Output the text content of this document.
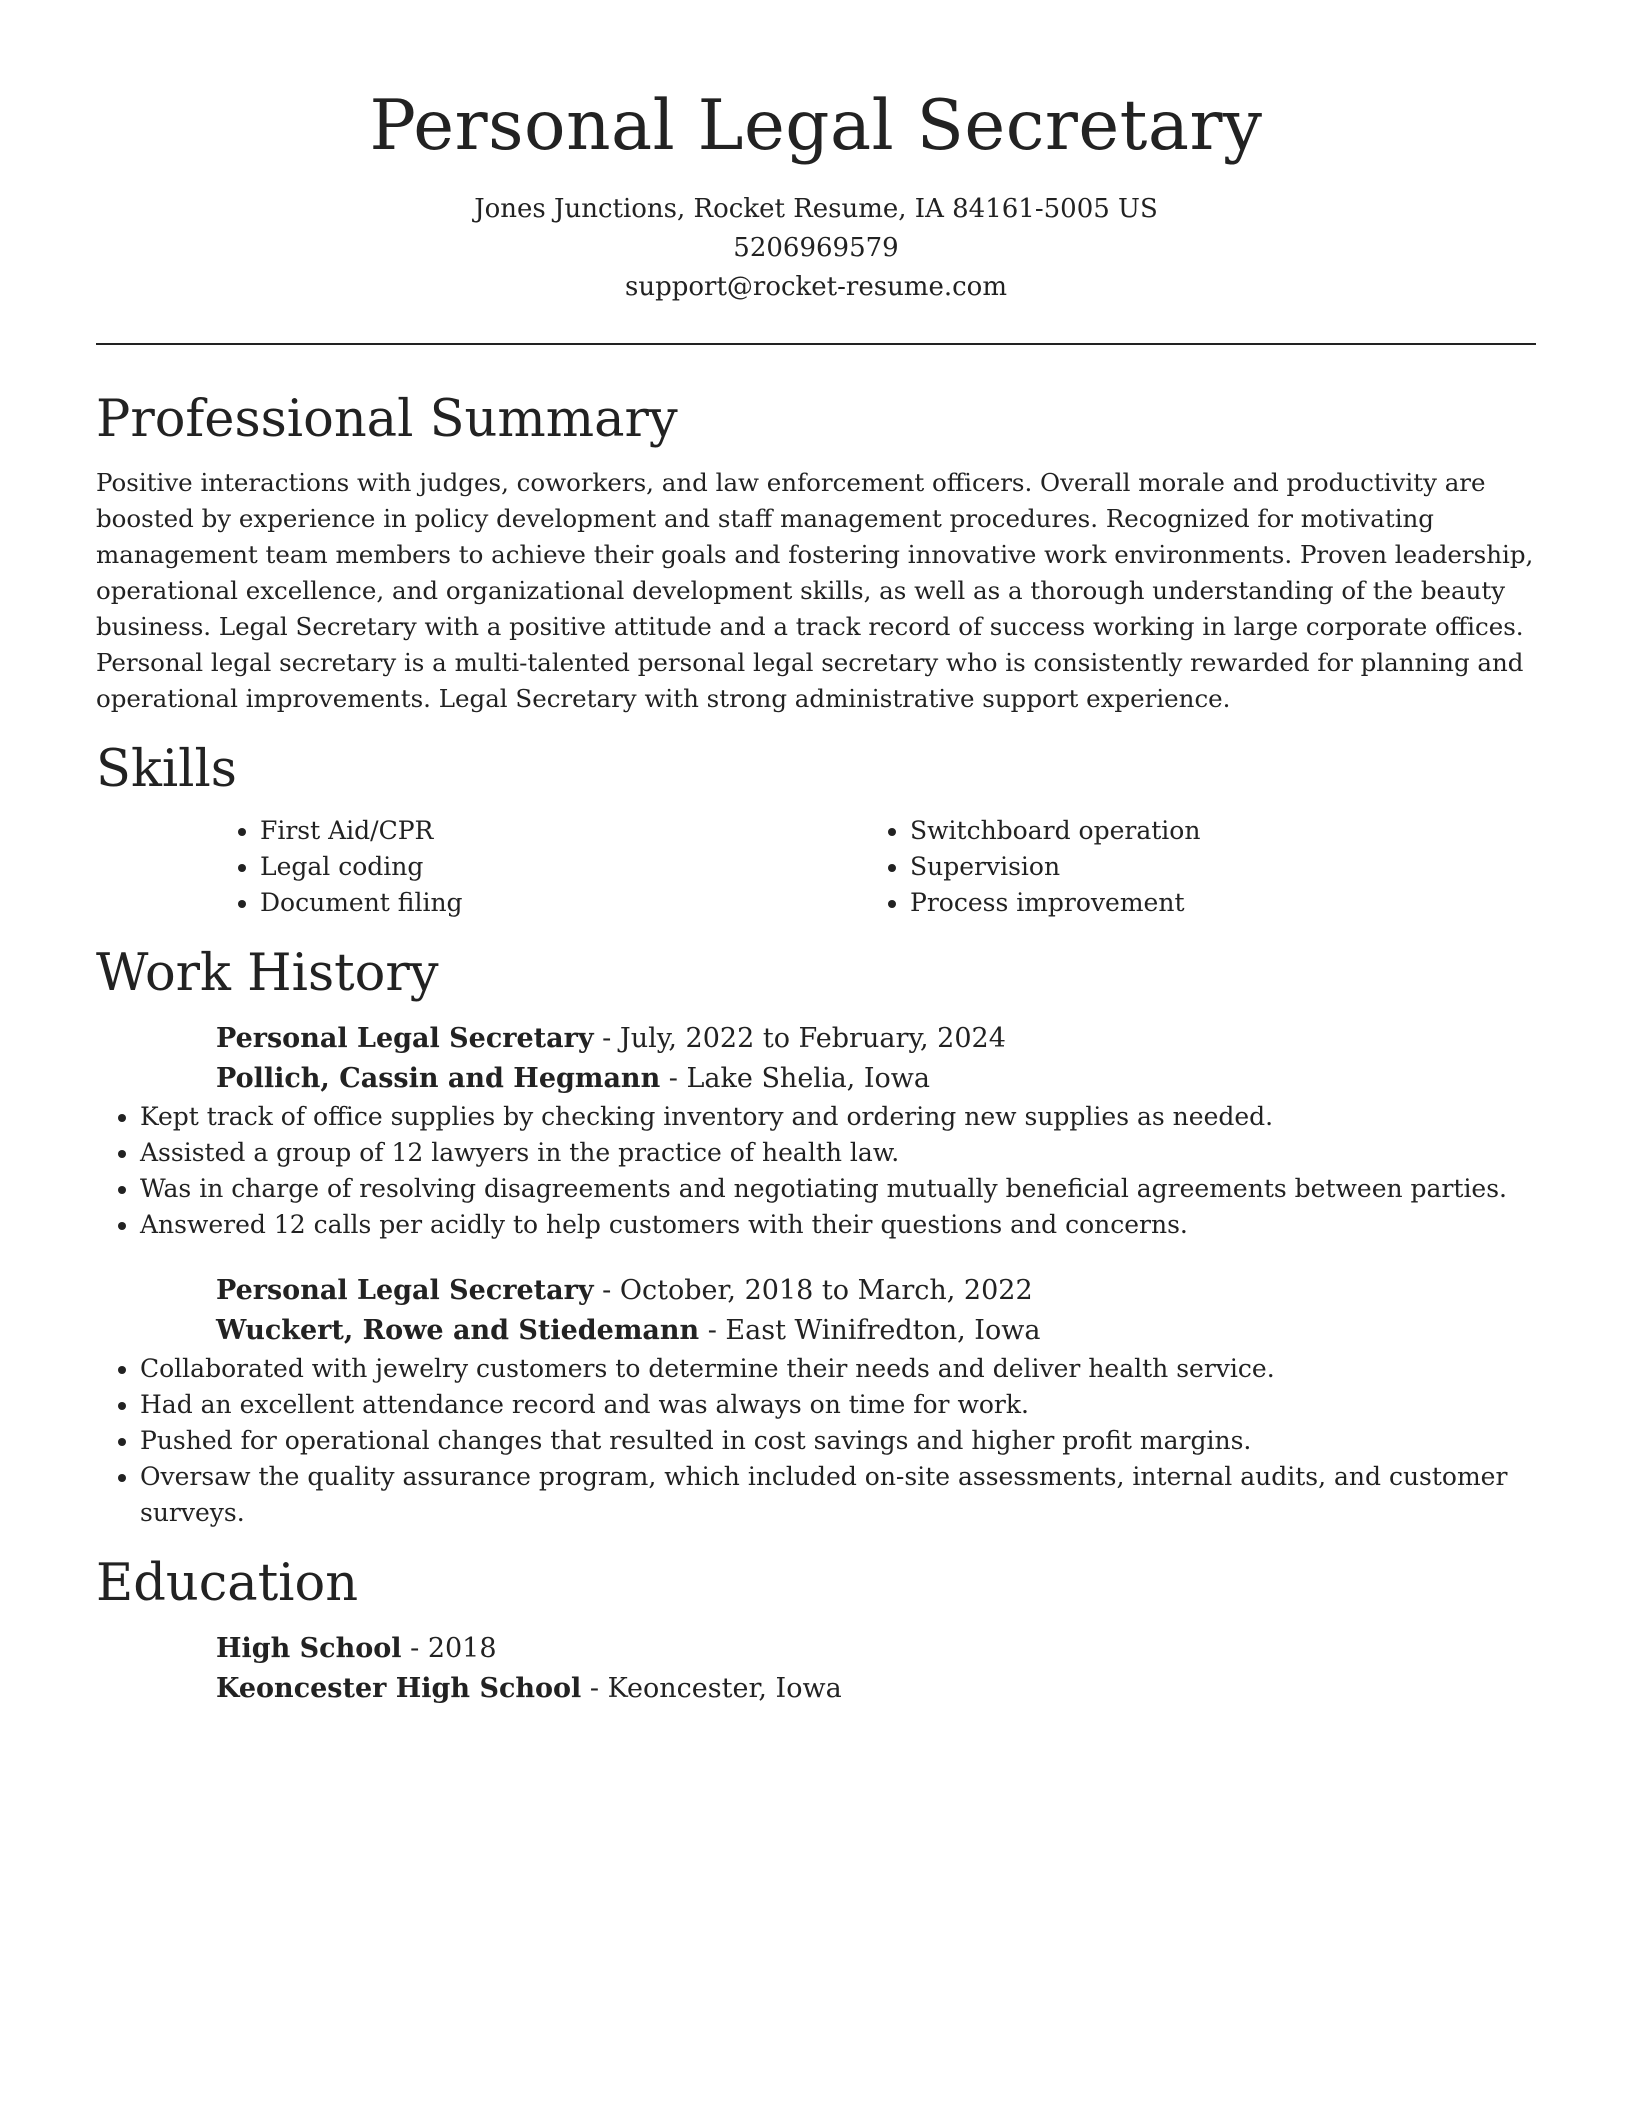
Personal Legal Secretary

Jones Junctions, Rocket Resume, IA 84161-5005 US

5206969579

support@rocket-resume.com

Professional Summary

Positive interactions with judges, coworkers, and law enforcement officers. Overall morale and productivity are boosted by experience in policy development and staff management procedures. Recognized for motivating management team members to achieve their goals and fostering innovative work environments. Proven leadership, operational excellence, and organizational development skills, as well as a thorough understanding of the beauty business. Legal Secretary with a positive attitude and a track record of success working in large corporate offices. Personal legal secretary is a multi-talented personal legal secretary who is consistently rewarded for planning and operational improvements. Legal Secretary with strong administrative support experience.

Skills
• First Aid/CPR
• Legal coding
• Document filing
• Switchboard operation
• Supervision
• Process improvement
Work History

Personal Legal Secretary - July, 2022 to February, 2024

Pollich, Cassin and Hegmann - Lake Shelia, Iowa

• Kept track of office supplies by checking inventory and ordering new supplies as needed.
• Assisted a group of 12 lawyers in the practice of health law.
• Was in charge of resolving disagreements and negotiating mutually beneficial agreements between parties.
• Answered 12 calls per acidly to help customers with their questions and concerns.

Personal Legal Secretary - October, 2018 to March, 2022

Wuckert, Rowe and Stiedemann - East Winifredton, Iowa

• Collaborated with jewelry customers to determine their needs and deliver health service.
• Had an excellent attendance record and was always on time for work.
• Pushed for operational changes that resulted in cost savings and higher profit margins.
• Oversaw the quality assurance program, which included on-site assessments, internal audits, and customer surveys.
Education

High School - 2018

Keoncester High School - Keoncester, Iowa
